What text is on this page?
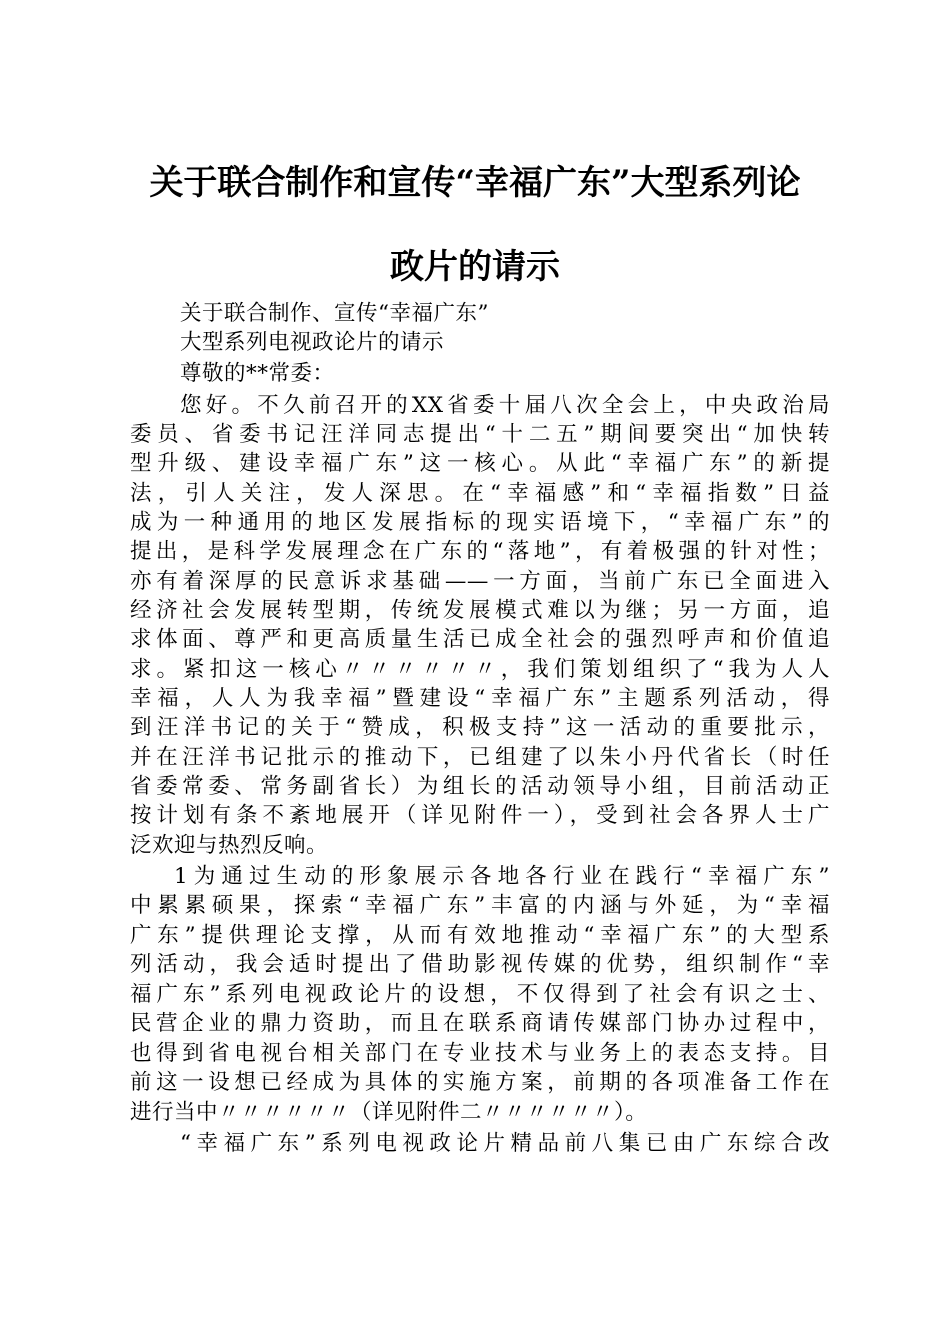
关于联合制作和宣传“幸福广东”大型系列论
政片的请示
关于联合制作、宣传“幸福广东”
大型系列电视政论片的请示
尊敬的**常委：
您好。不久前召开的XX省委十届八次全会上，中央政治局
委员、省委书记汪洋同志提出“十二五”期间要突出“加快转
型升级、建设幸福广东”这一核心。从此“幸福广东”的新提
法，引人关注，发人深思。在“幸福感”和“幸福指数”日益
成为一种通用的地区发展指标的现实语境下，“幸福广东”的
提出，是科学发展理念在广东的“落地”，有着极强的针对性；
亦有着深厚的民意诉求基础——一方面，当前广东已全面进入
经济社会发展转型期，传统发展模式难以为继；另一方面，追
求体面、尊严和更高质量生活已成全社会的强烈呼声和价值追
求。紧扣这一核心〃〃〃〃〃〃，我们策划组织了“我为人人
幸福，人人为我幸福”暨建设“幸福广东”主题系列活动，得
到汪洋书记的关于“赞成，积极支持”这一活动的重要批示，
并在汪洋书记批示的推动下，已组建了以朱小丹代省长（时任
省委常委、常务副省长）为组长的活动领导小组，目前活动正
按计划有条不紊地展开（详见附件一），受到社会各界人士广
泛欢迎与热烈反响。
1为通过生动的形象展示各地各行业在践行“幸福广东”
中累累硕果，探索“幸福广东”丰富的内涵与外延，为“幸福
广东”提供理论支撑，从而有效地推动“幸福广东”的大型系
列活动，我会适时提出了借助影视传媒的优势，组织制作“幸
福广东”系列电视政论片的设想，不仅得到了社会有识之士、
民营企业的鼎力资助，而且在联系商请传媒部门协办过程中，
也得到省电视台相关部门在专业技术与业务上的表态支持。目
前这一设想已经成为具体的实施方案，前期的各项准备工作在
进行当中〃〃〃〃〃〃（详见附件二〃〃〃〃〃〃）。
“幸福广东”系列电视政论片精品前八集已由广东综合改
